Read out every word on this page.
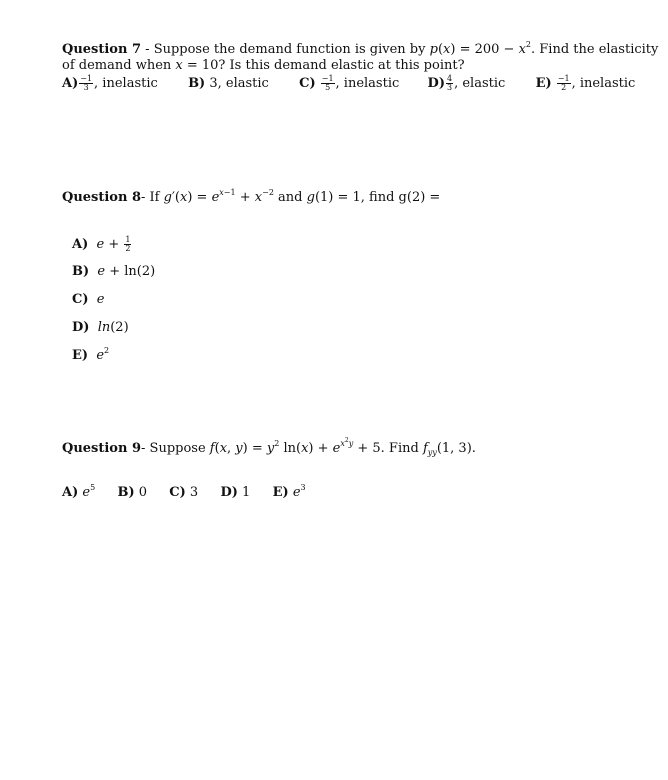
Question 7 - Suppose the demand function is given by $p(x) = 200 - x^2$. Find the elasticity
of demand when x = 10? Is this demand elastic at this point?
$A) \frac{-1}{3}$ , inelastic B) 3, elastic $C) \frac{-1}{5}$ , inelastic $D) \frac{4}{3}$ , elastic $E) \frac{-1}{2}$ , inelastic
Question 8- If $g'(x) = e^{x-1} + x^{-2}$ and g(1) = 1, find g(2) =
A) $e + \frac{1}{2}$
B) e + ln(2)
C) e
D) ln(2)
E) $e^2$
Question 9- Suppose f(x, $y) = y^2$ $\ln(x) + e^{x^2y} + 5$. Find $f_{yy}(1$, 3).
A) $e^5$ B) 0 C) 3 D) 1 E) $e^3$
